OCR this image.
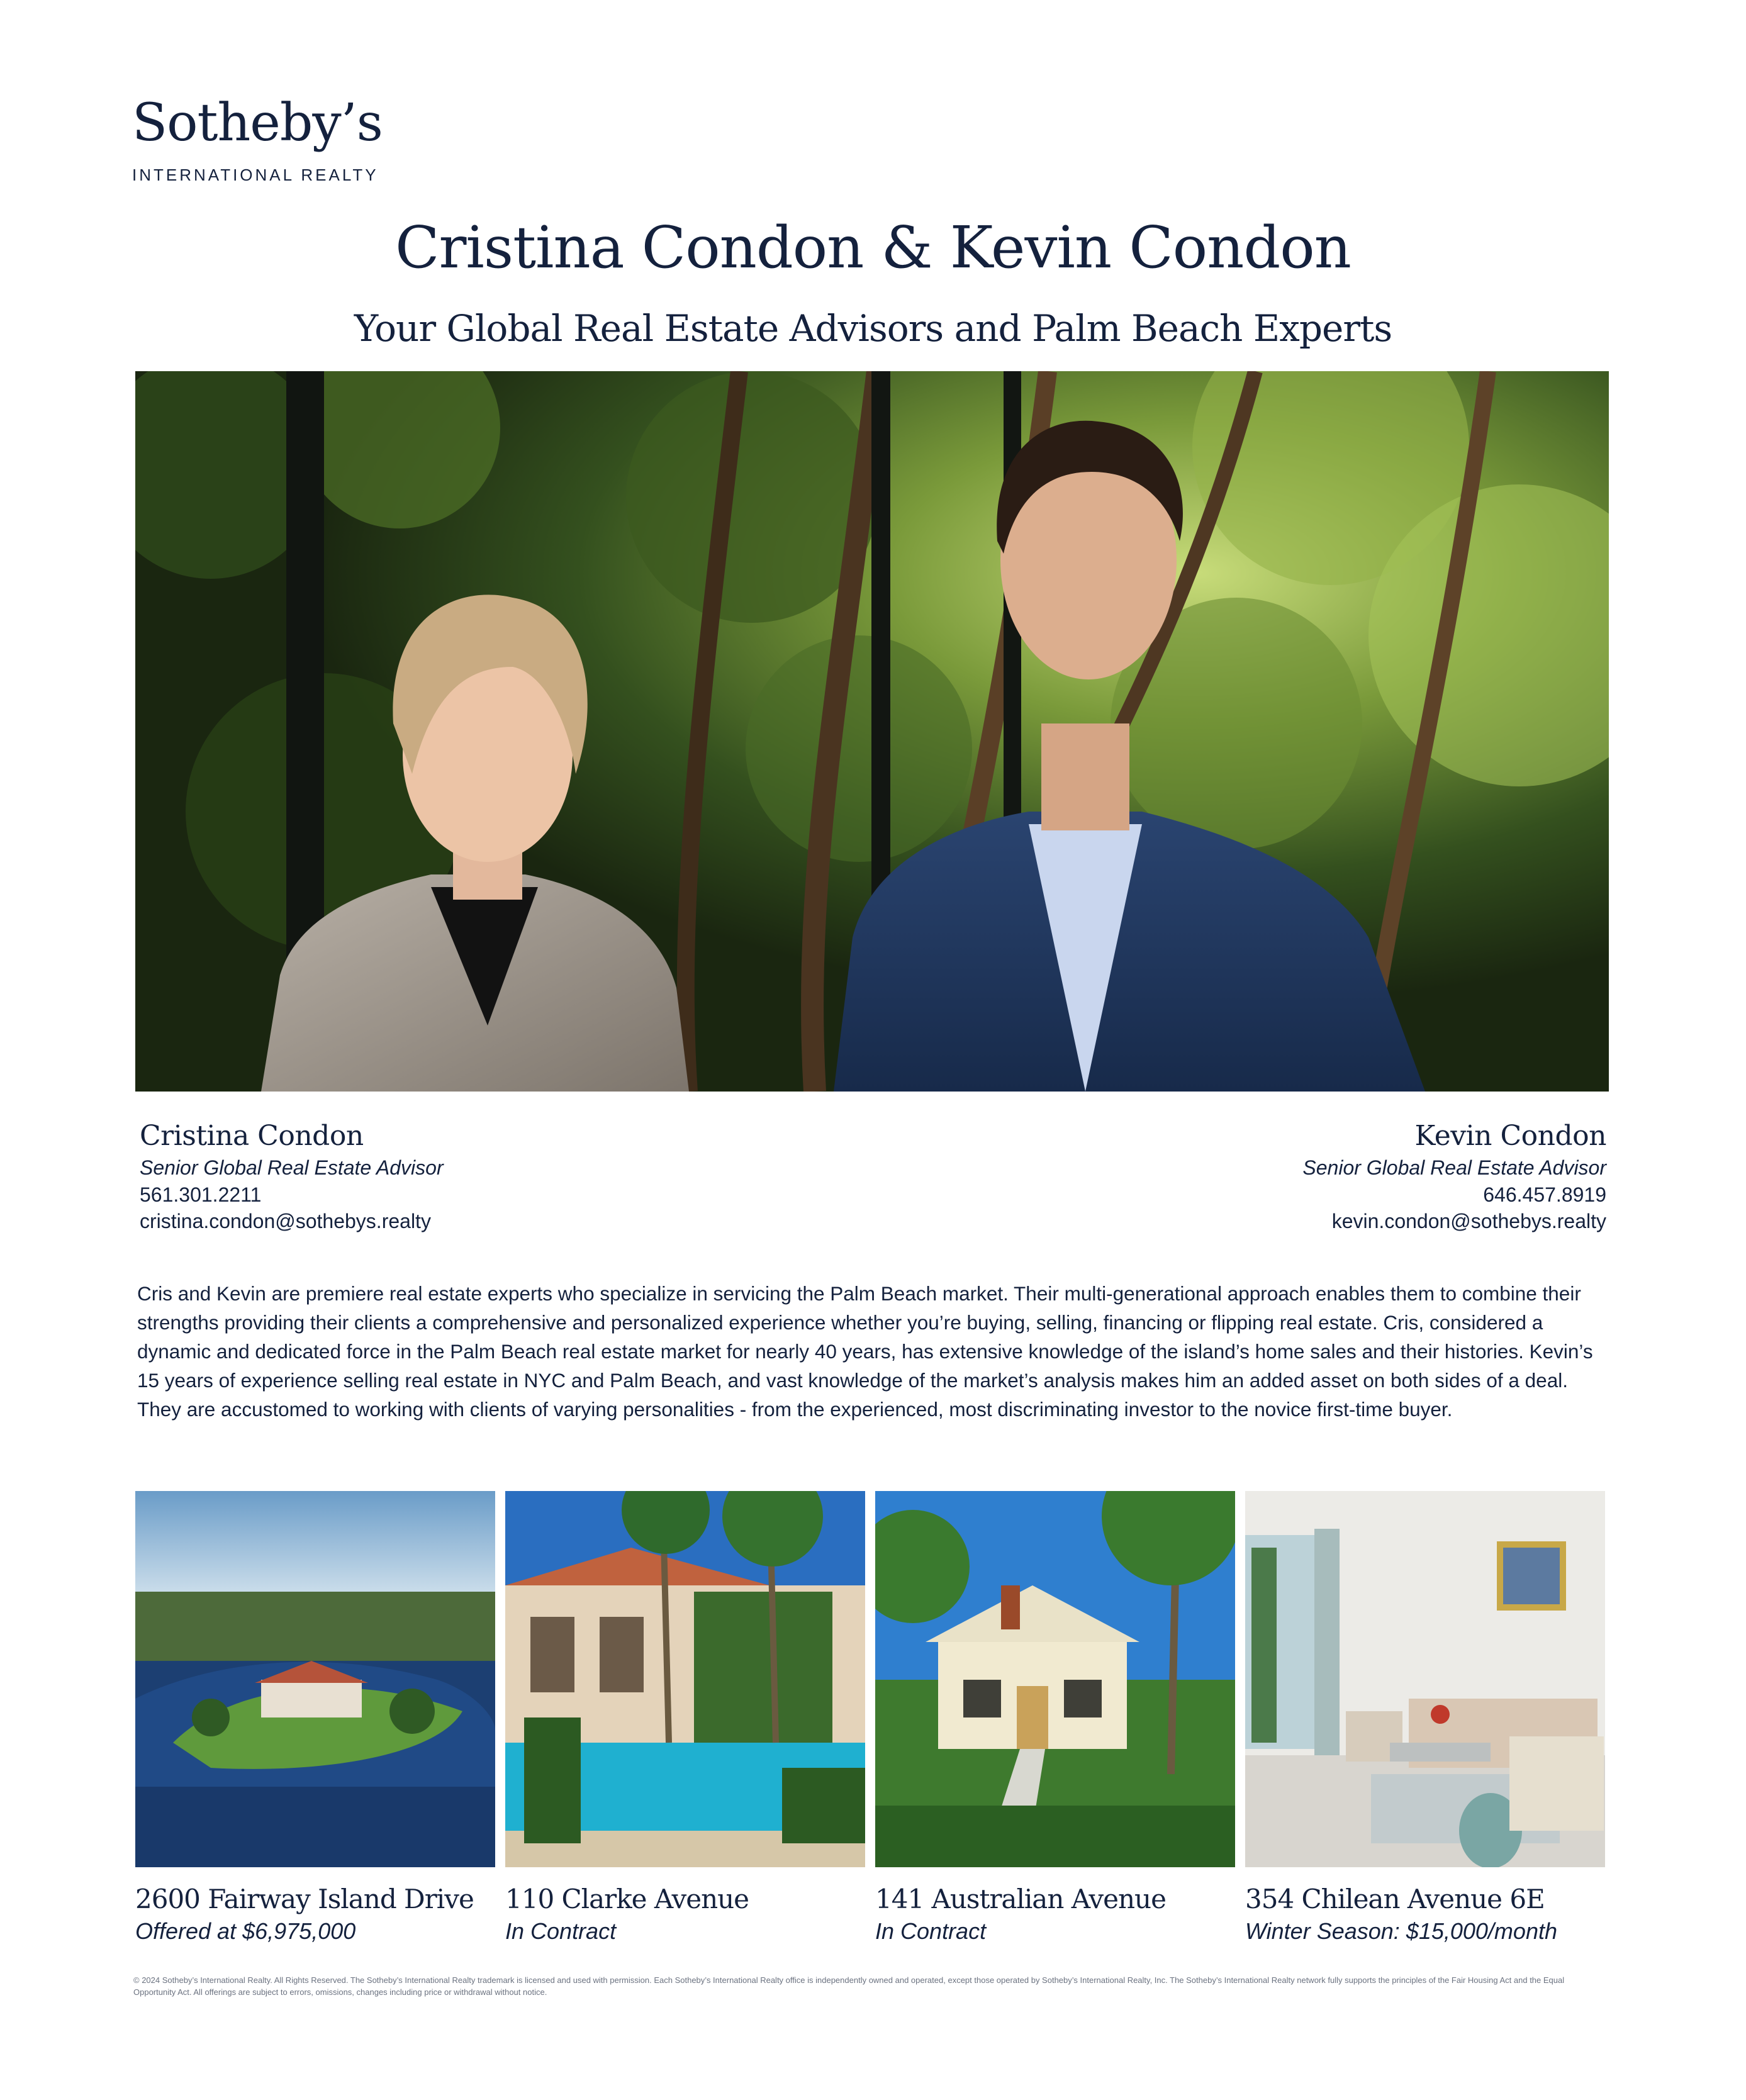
Sotheby’s
INTERNATIONAL REALTY
Cristina Condon & Kevin Condon
Your Global Real Estate Advisors and Palm Beach Experts
Cristina Condon
Senior Global Real Estate Advisor
561.301.2211
cristina.condon@sothebys.realty
Kevin Condon
Senior Global Real Estate Advisor
646.457.8919
kevin.condon@sothebys.realty
Cris and Kevin are premiere real estate experts who specialize in servicing the Palm Beach market. Their multi-generational approach enables them to combine their strengths providing their clients a comprehensive and personalized experience whether you’re buying, selling, financing or flipping real estate. Cris, considered a dynamic and dedicated force in the Palm Beach real estate market for nearly 40 years, has extensive knowledge of the island’s home sales and their histories. Kevin’s 15 years of experience selling real estate in NYC and Palm Beach, and vast knowledge of the market’s analysis makes him an added asset on both sides of a deal. They are accustomed to working with clients of varying personalities - from the experienced, most discriminating investor to the novice first-time buyer.
2600 Fairway Island Drive
Offered at $6,975,000
110 Clarke Avenue
In Contract
141 Australian Avenue
In Contract
354 Chilean Avenue 6E
Winter Season: $15,000/month
© 2024 Sotheby’s International Realty. All Rights Reserved. The Sotheby’s International Realty trademark is licensed and used with permission. Each Sotheby’s International Realty office is independently owned and operated, except those operated by Sotheby’s International Realty, Inc. The Sotheby’s International Realty network fully supports the principles of the Fair Housing Act and the Equal Opportunity Act. All offerings are subject to errors, omissions, changes including price or withdrawal without notice.
